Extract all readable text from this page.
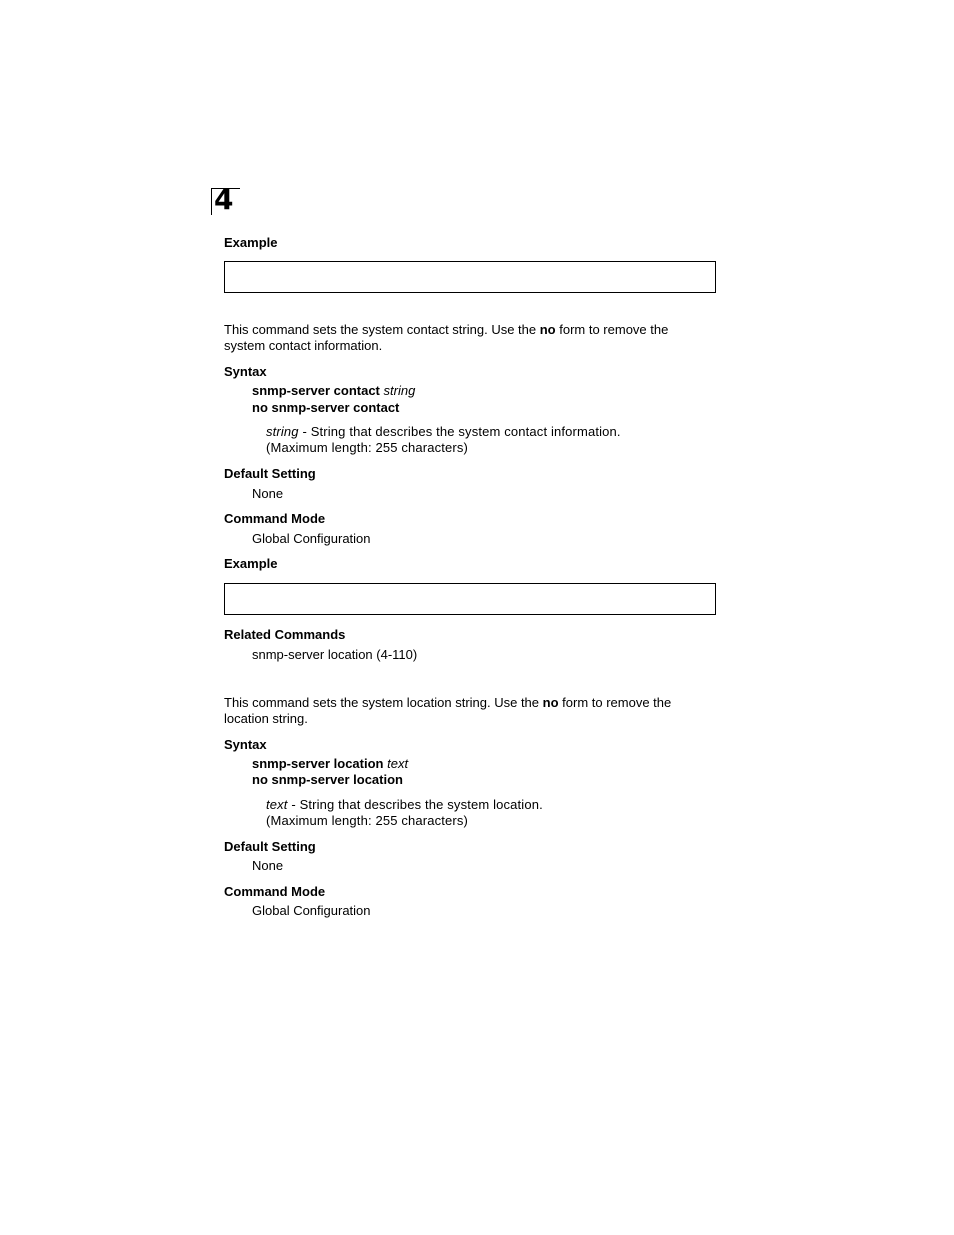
4
Example
This command sets the system contact string. Use the no form to remove the
system contact information.
Syntax
snmp-server contact string
no snmp-server contact
string - String that describes the system contact information.
(Maximum length: 255 characters)
Default Setting
None
Command Mode
Global Configuration
Example
Related Commands
snmp-server location (4-110)
This command sets the system location string. Use the no form to remove the
location string.
Syntax
snmp-server location text
no snmp-server location
text - String that describes the system location.
(Maximum length: 255 characters)
Default Setting
None
Command Mode
Global Configuration
